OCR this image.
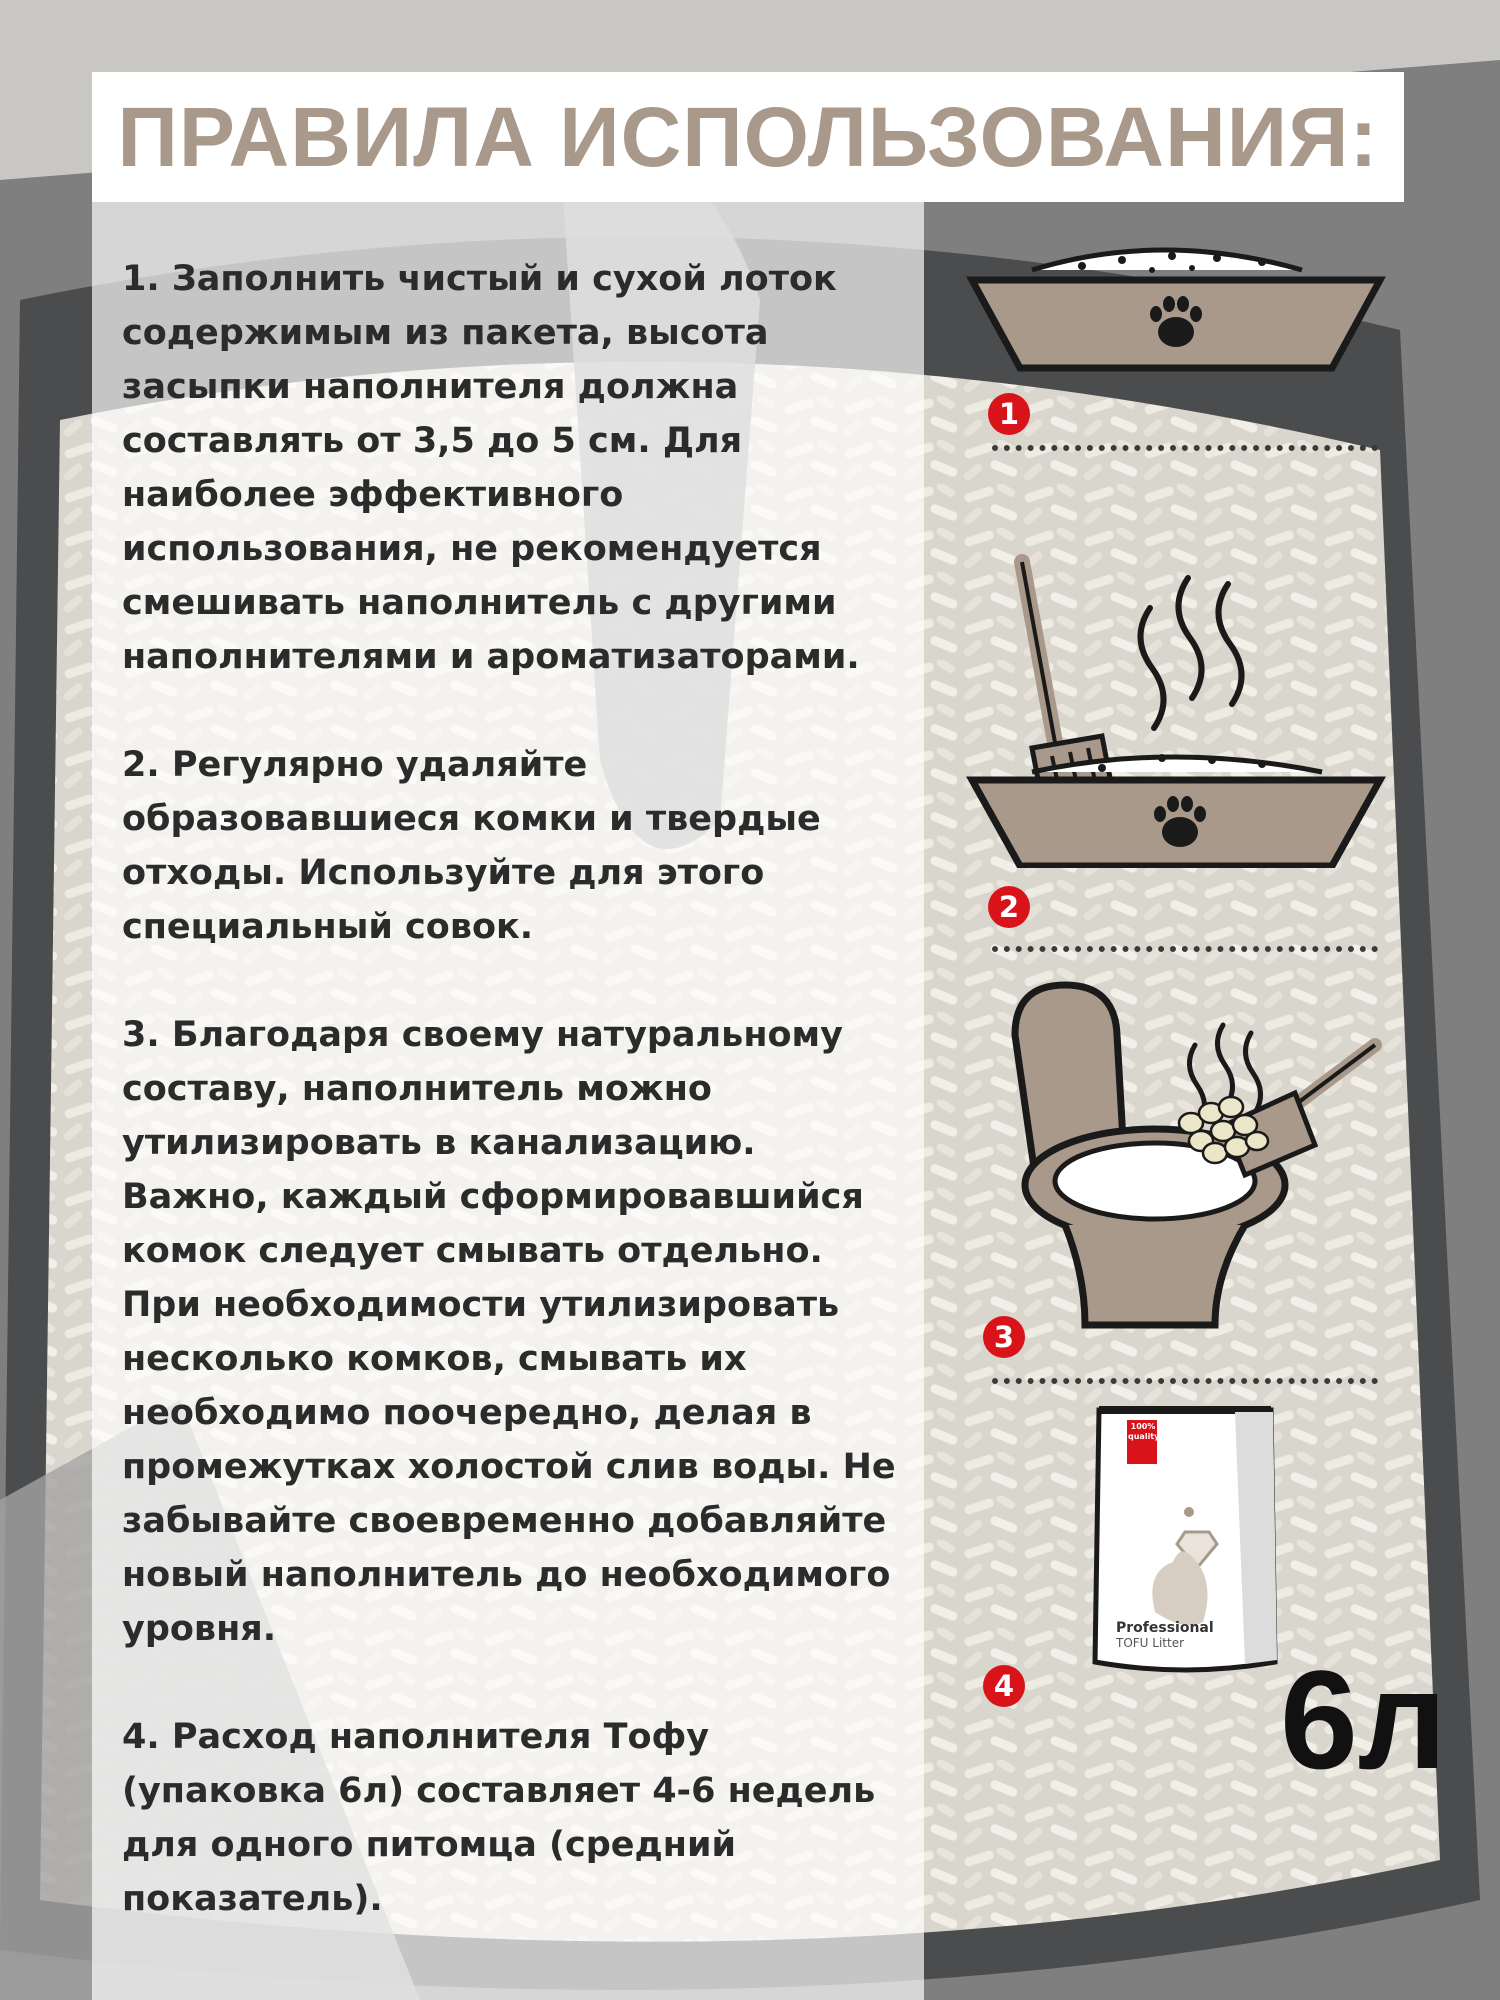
ПРАВИЛА ИСПОЛЬЗОВАНИЯ:

1. Заполнить чистый и сухой лоток содержимым из пакета, высота засыпки наполнителя должна составлять от 3,5 до 5 см. Для наиболее эффективного использования, не рекомендуется смешивать наполнитель с другими наполнителями и ароматизаторами.

2. Регулярно удаляйте образовавшиеся комки и твердые отходы. Используйте для этого специальный совок.

3. Благодаря своему натуральному составу, наполнитель можно утилизировать в канализацию. Важно, каждый сформировавшийся комок следует смывать отдельно. При необходимости утилизировать несколько комков, смывать их необходимо поочередно, делая в промежутках холостой слив воды. Не забывайте своевременно добавляйте новый наполнитель до необходимого уровня.

4. Расход наполнителя Тофу (упаковка 6л) составляет 4-6 недель для одного питомца (средний показатель).

1
2
3
100% quality
Professional
TOFU Litter
4 6л
